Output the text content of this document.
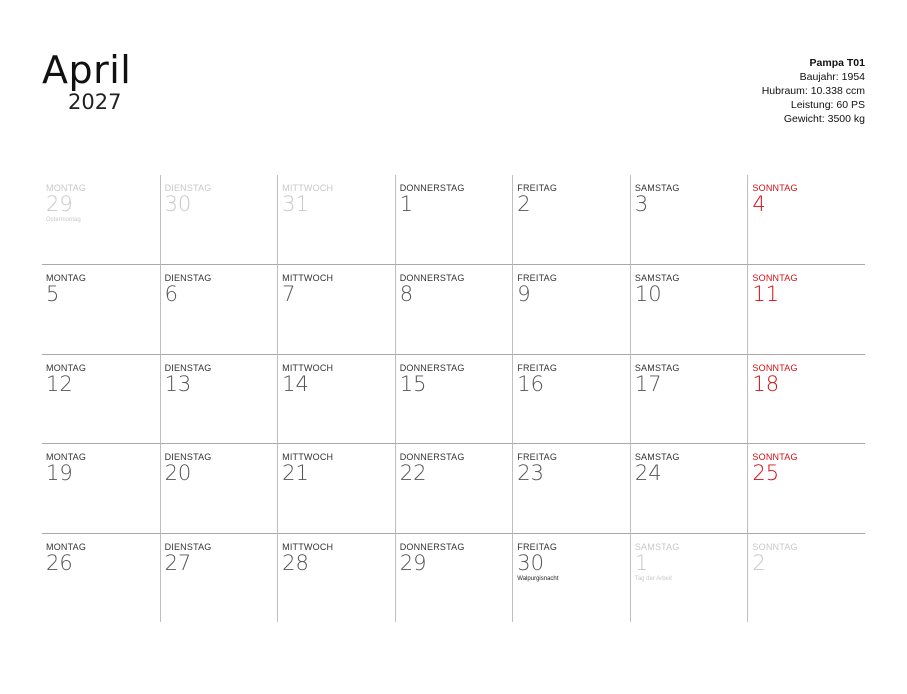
April
2027
Pampa T01
Baujahr: 1954
Hubraum: 10.338 ccm
Leistung: 60 PS
Gewicht: 3500 kg
MONTAG
29
Ostermontag
DIENSTAG
30
MITTWOCH
31
DONNERSTAG
1
FREITAG
2
SAMSTAG
3
SONNTAG
4
MONTAG
5
DIENSTAG
6
MITTWOCH
7
DONNERSTAG
8
FREITAG
9
SAMSTAG
10
SONNTAG
11
MONTAG
12
DIENSTAG
13
MITTWOCH
14
DONNERSTAG
15
FREITAG
16
SAMSTAG
17
SONNTAG
18
MONTAG
19
DIENSTAG
20
MITTWOCH
21
DONNERSTAG
22
FREITAG
23
SAMSTAG
24
SONNTAG
25
MONTAG
26
DIENSTAG
27
MITTWOCH
28
DONNERSTAG
29
FREITAG
30
Walpurgisnacht
SAMSTAG
1
Tag der Arbeit
SONNTAG
2
